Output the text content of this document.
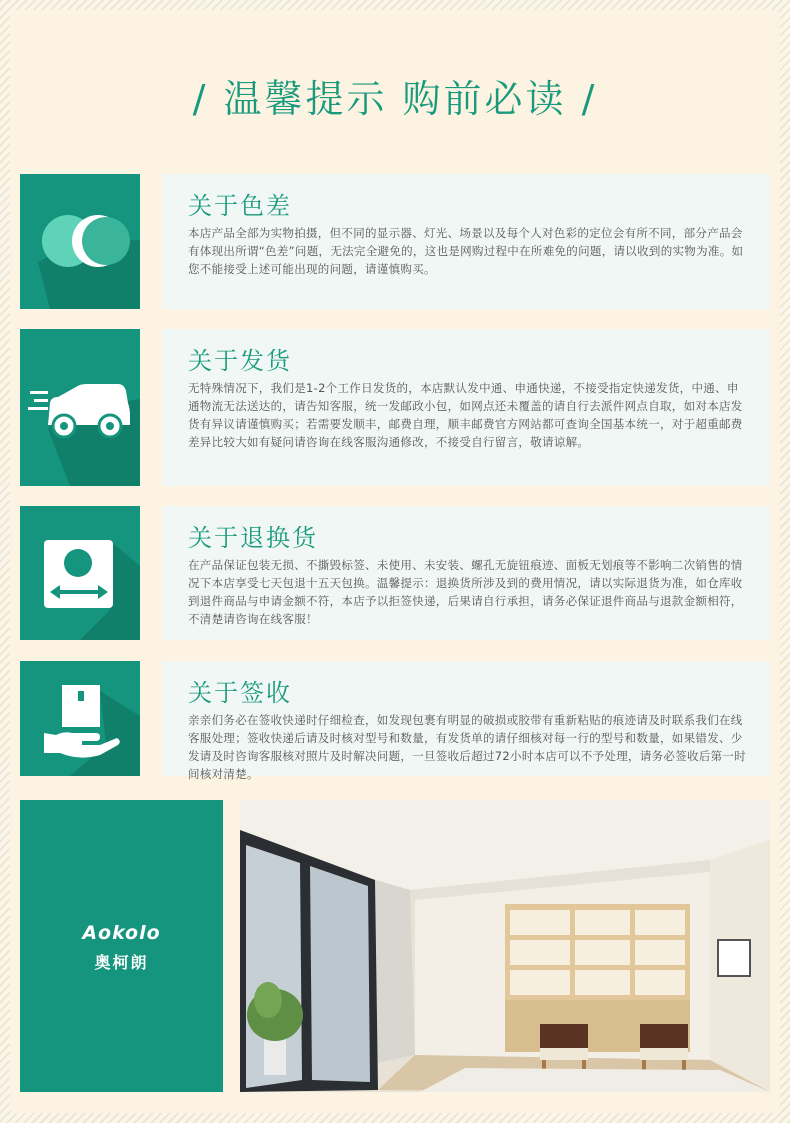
/ 温馨提示 购前必读 /
关于色差
本店产品全部为实物拍摄，但不同的显示器、灯光、场景以及每个人对色彩的定位会有所不同，部分产品会有体现出所谓“色差”问题，无法完全避免的，这也是网购过程中在所难免的问题，请以收到的实物为准。如您不能接受上述可能出现的问题，请谨慎购买。
关于发货
无特殊情况下，我们是1-2个工作日发货的，本店默认发中通、申通快递，不接受指定快递发货，中通、申通物流无法送达的，请告知客服，统一发邮政小包，如网点还未覆盖的请自行去派件网点自取，如对本店发货有异议请谨慎购买；若需要发顺丰，邮费自理，顺丰邮费官方网站都可查询全国基本统一，对于超重邮费差异比较大如有疑问请咨询在线客服沟通修改，不接受自行留言，敬请谅解。
关于退换货
在产品保证包装无损、不撕毁标签、未使用、未安装、螺孔无旋钮痕迹、面板无划痕等不影响二次销售的情况下本店享受七天包退十五天包换。温馨提示：退换货所涉及到的费用情况，请以实际退货为准，如仓库收到退件商品与申请金额不符，本店予以拒签快递，后果请自行承担，请务必保证退件商品与退款金额相符，不清楚请咨询在线客服！
关于签收
亲亲们务必在签收快递时仔细检查，如发现包裹有明显的破损或胶带有重新粘贴的痕迹请及时联系我们在线客服处理；签收快递后请及时核对型号和数量，有发货单的请仔细核对每一行的型号和数量，如果错发、少发请及时咨询客服核对照片及时解决问题，一旦签收后超过72小时本店可以不予处理，请务必签收后第一时间核对清楚。
Aokolo
奥柯朗
